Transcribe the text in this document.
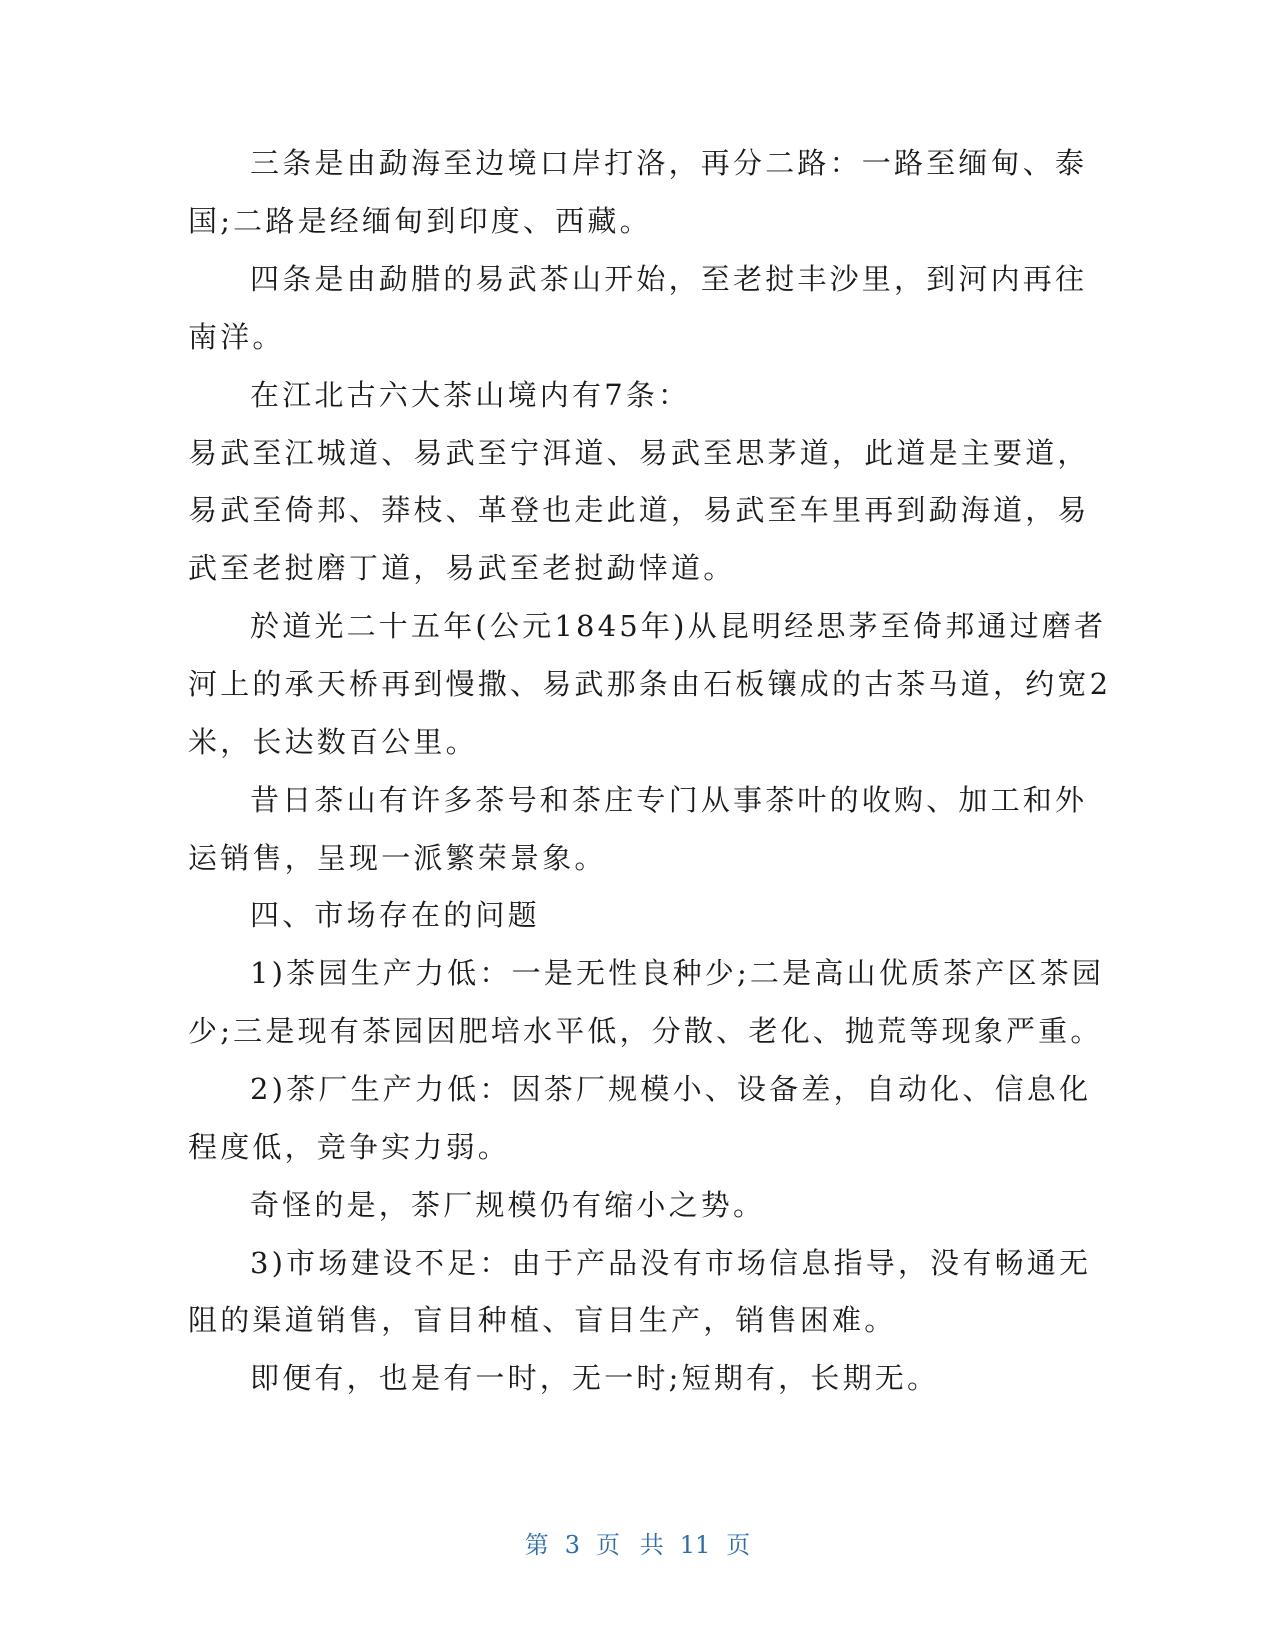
三条是由勐海至边境口岸打洛，再分二路：一路至缅甸、泰
国;二路是经缅甸到印度、西藏。
四条是由勐腊的易武茶山开始，至老挝丰沙里，到河内再往
南洋。
在江北古六大茶山境内有7条：
易武至江城道、易武至宁洱道、易武至思茅道，此道是主要道，
易武至倚邦、莽枝、革登也走此道，易武至车里再到勐海道，易
武至老挝磨丁道，易武至老挝勐悻道。
於道光二十五年(公元1845年)从昆明经思茅至倚邦通过磨者
河上的承天桥再到慢撒、易武那条由石板镶成的古茶马道，约宽2
米，长达数百公里。
昔日茶山有许多茶号和茶庄专门从事茶叶的收购、加工和外
运销售，呈现一派繁荣景象。
四、市场存在的问题
1)茶园生产力低：一是无性良种少;二是高山优质茶产区茶园
少;三是现有茶园因肥培水平低，分散、老化、抛荒等现象严重。
2)茶厂生产力低：因茶厂规模小、设备差，自动化、信息化
程度低，竞争实力弱。
奇怪的是，茶厂规模仍有缩小之势。
3)市场建设不足：由于产品没有市场信息指导，没有畅通无
阻的渠道销售，盲目种植、盲目生产，销售困难。
即便有，也是有一时，无一时;短期有，长期无。
第 3 页 共 11 页
